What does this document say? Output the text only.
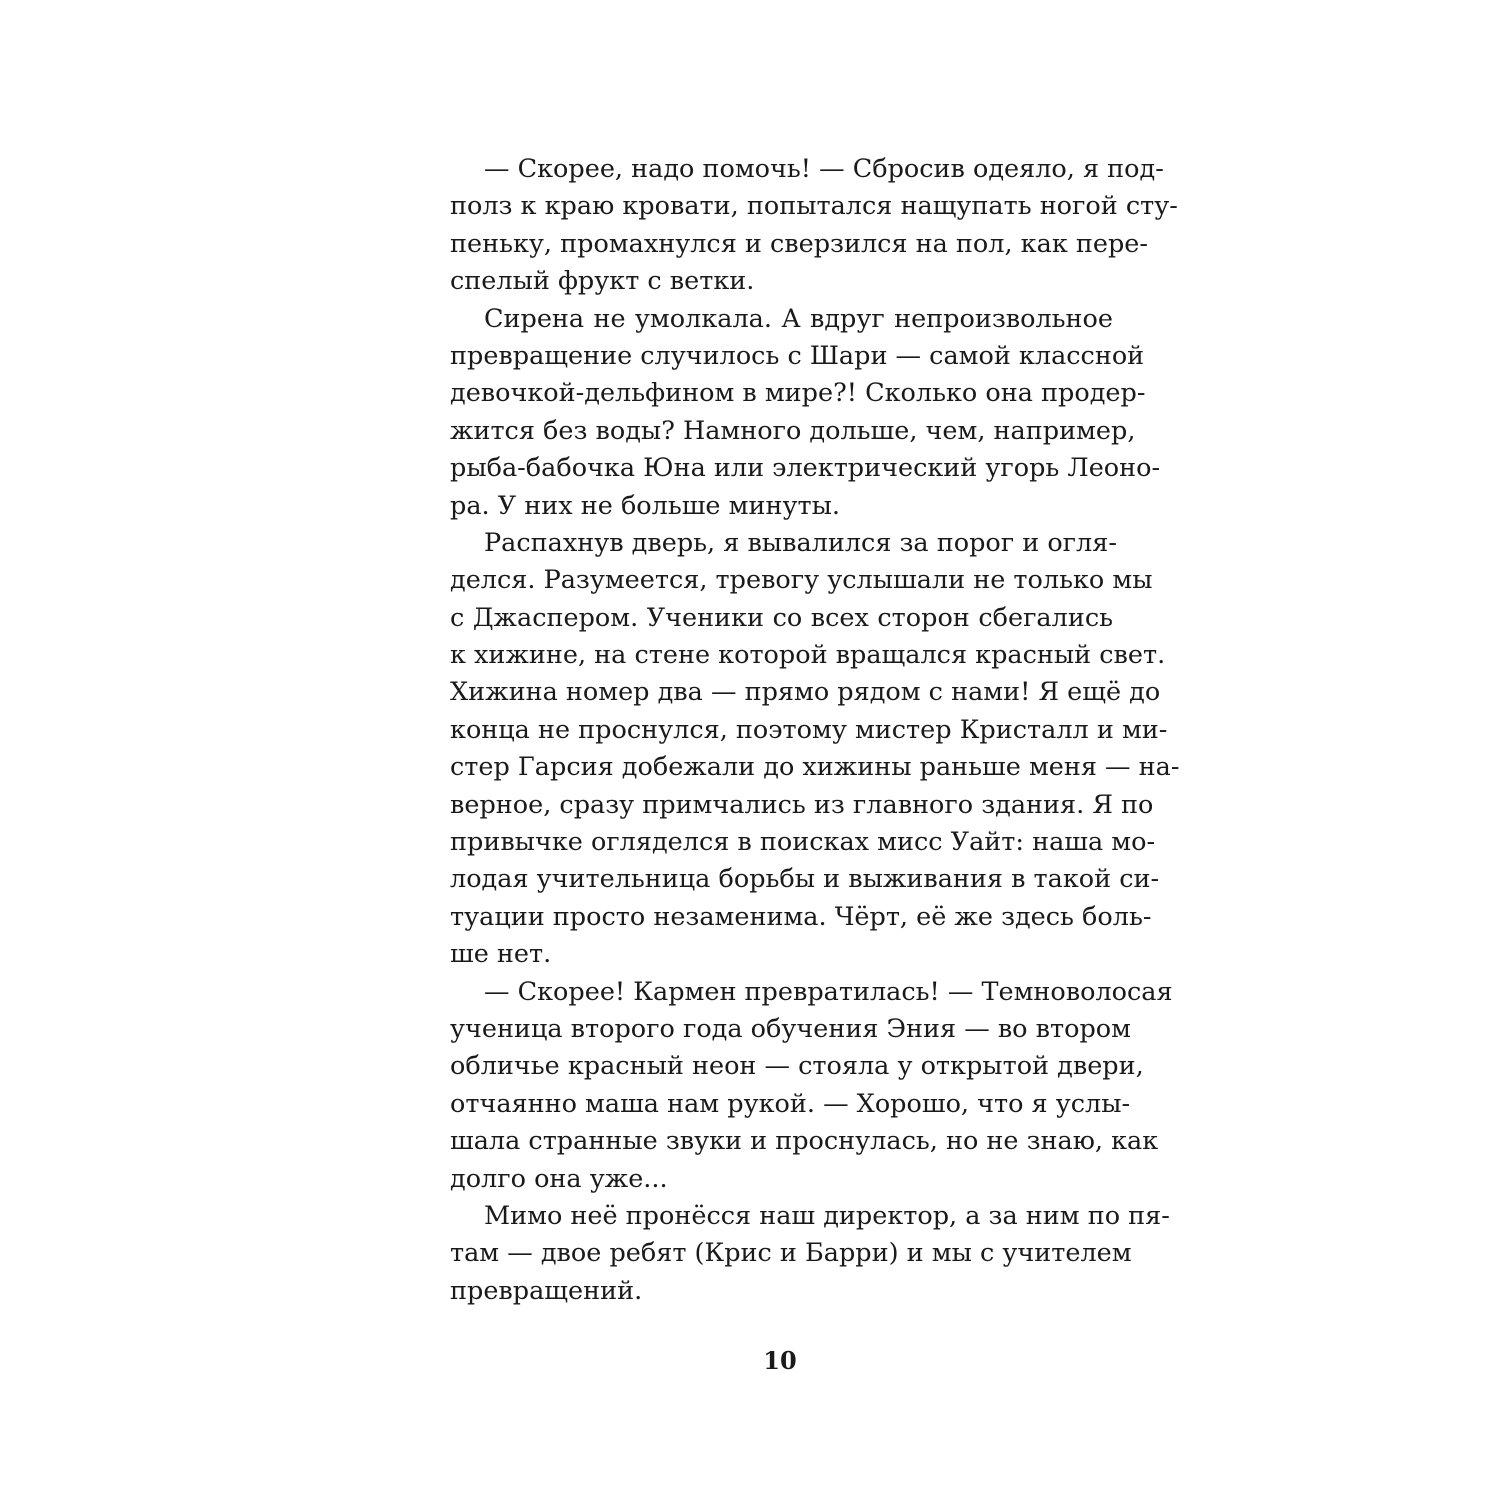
— Скорее, надо помочь! — Сбросив одеяло, я под-
полз к краю кровати, попытался нащупать ногой сту-
пеньку, промахнулся и сверзился на пол, как пере-
спелый фрукт с ветки.
Сирена не умолкала. А вдруг непроизвольное
превращение случилось с Шари — самой классной
девочкой-дельфином в мире?! Сколько она продер-
жится без воды? Намного дольше, чем, например,
рыба-бабочка Юна или электрический угорь Леоно-
ра. У них не больше минуты.
Распахнув дверь, я вывалился за порог и огля-
делся. Разумеется, тревогу услышали не только мы
с Джаспером. Ученики со всех сторон сбегались
к хижине, на стене которой вращался красный свет.
Хижина номер два — прямо рядом с нами! Я ещё до
конца не проснулся, поэтому мистер Кристалл и ми-
стер Гарсия добежали до хижины раньше меня — на-
верное, сразу примчались из главного здания. Я по
привычке огляделся в поисках мисс Уайт: наша мо-
лодая учительница борьбы и выживания в такой си-
туации просто незаменима. Чёрт, её же здесь боль-
ше нет.
— Скорее! Кармен превратилась! — Темноволосая
ученица второго года обучения Эния — во втором
обличье красный неон — стояла у открытой двери,
отчаянно маша нам рукой. — Хорошо, что я услы-
шала странные звуки и проснулась, но не знаю, как
долго она уже...
Мимо неё пронёсся наш директор, а за ним по пя-
там — двое ребят (Крис и Барри) и мы с учителем
превращений.
10
